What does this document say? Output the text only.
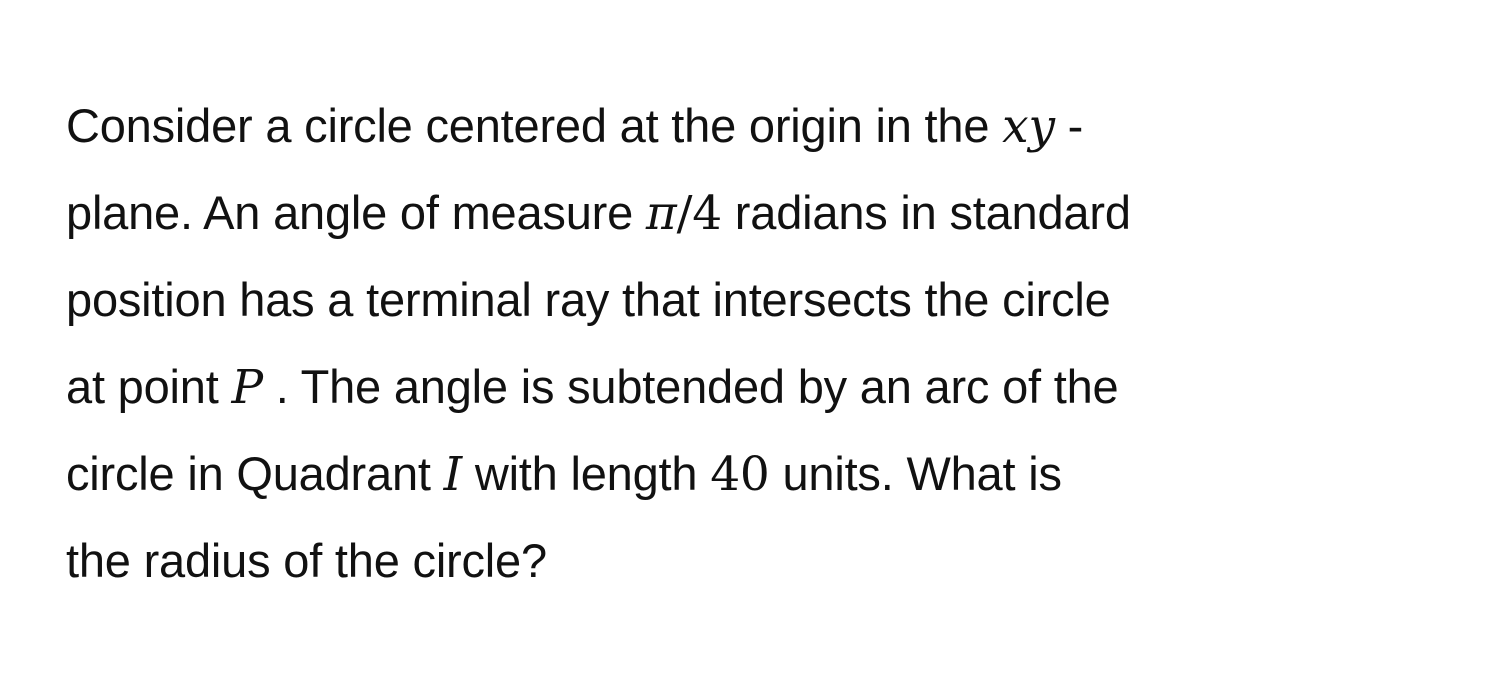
Consider a circle centered at the origin in the xy -
plane. An angle of measure π/4 radians in standard
position has a terminal ray that intersects the circle
at point P . The angle is subtended by an arc of the
circle in Quadrant I with length 40 units. What is
the radius of the circle?
